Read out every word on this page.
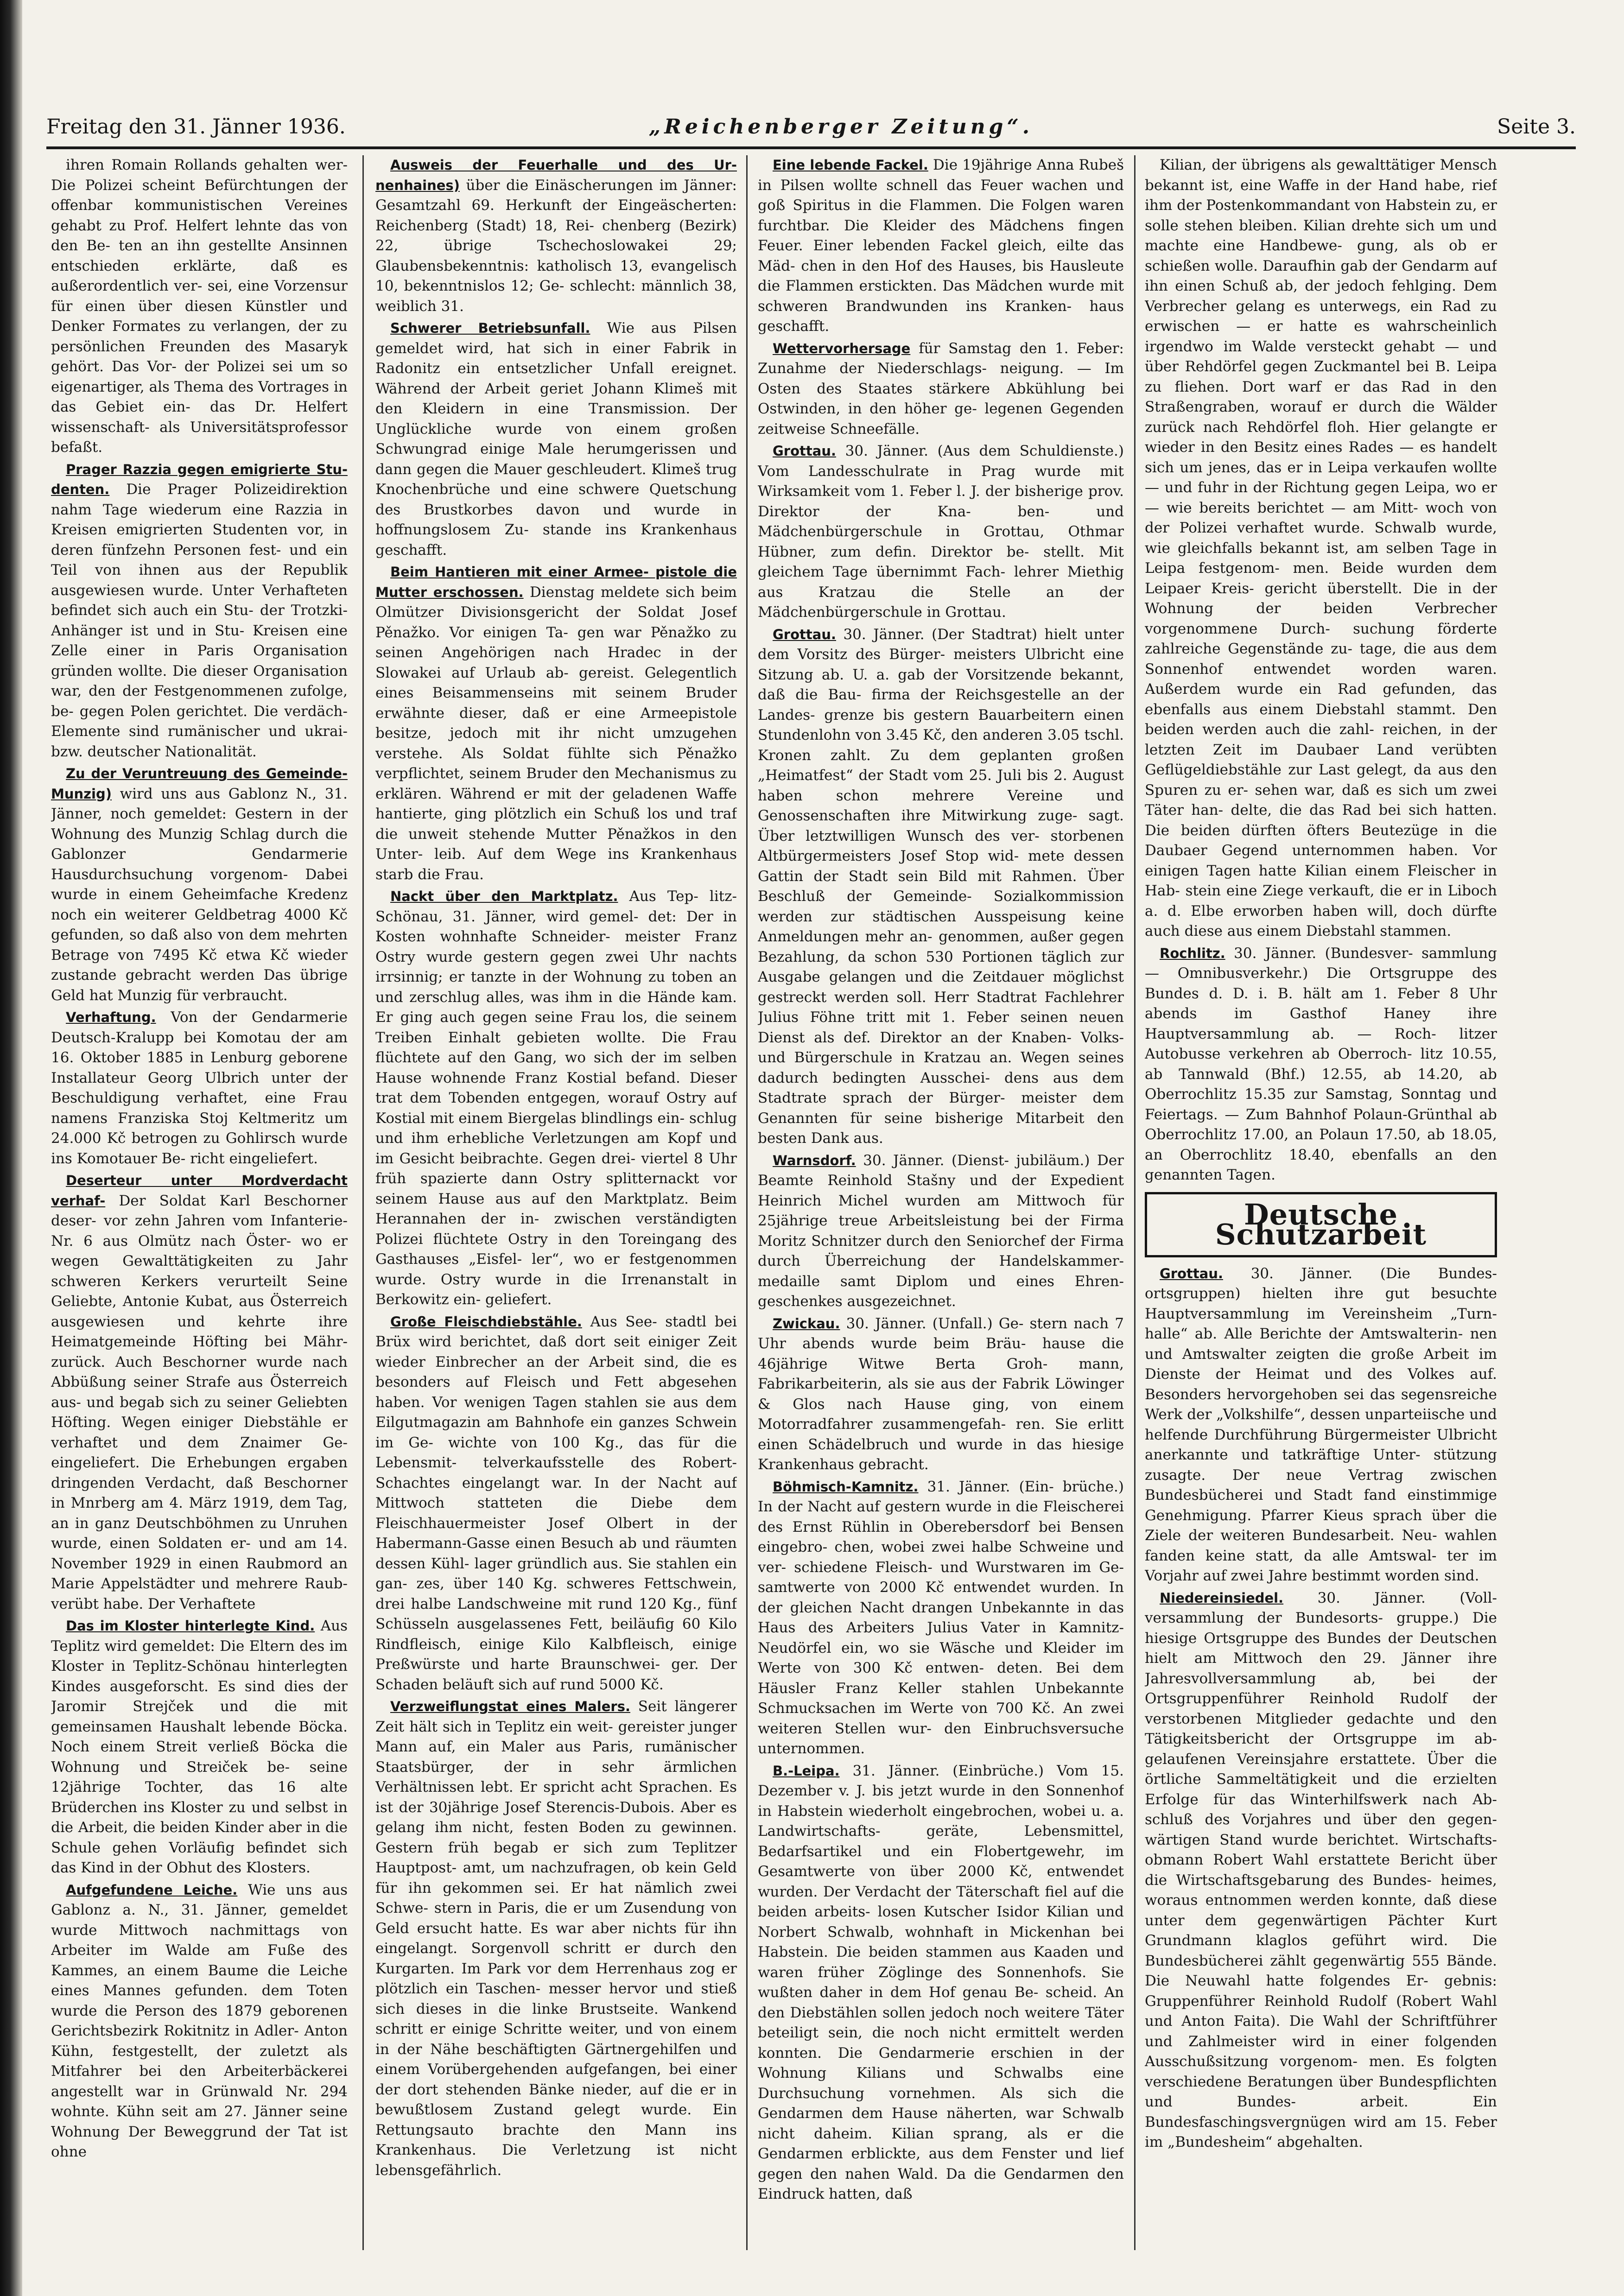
Freitag den 31. Jänner 1936.	„Reichenberger Zeitung“.	Seite 3.

ihren Romain Rollands gehalten wer- Die Polizei scheint Befürchtungen der offenbar kommunistischen Vereines gehabt zu Prof. Helfert lehnte das von den Be- ten an ihn gestellte Ansinnen entschieden erklärte, daß es außerordentlich ver- sei, eine Vorzensur für einen über diesen Künstler und Denker Formates zu verlangen, der zu persönlichen Freunden des Masaryk gehört. Das Vor- der Polizei sei um so eigenartiger, als Thema des Vortrages in das Gebiet ein- das Dr. Helfert wissenschaft- als Universitätsprofessor befaßt.

Prager Razzia gegen emigrierte Stu- denten. Die Prager Polizeidirektion nahm Tage wiederum eine Razzia in Kreisen emigrierten Studenten vor, in deren fünfzehn Personen fest- und ein Teil von ihnen aus der Republik ausgewiesen wurde. Unter Verhafteten befindet sich auch ein Stu- der Trotzki-Anhänger ist und in Stu- Kreisen eine Zelle einer in Paris Organisation gründen wollte. Die dieser Organisation war, den der Festgenommenen zufolge, be- gegen Polen gerichtet. Die verdäch- Elemente sind rumänischer und ukrai- bzw. deutscher Nationalität.

Zu der Veruntreuung des Gemeinde- Munzig) wird uns aus Gablonz N., 31. Jänner, noch gemeldet: Gestern in der Wohnung des Munzig Schlag durch die Gablonzer Gendarmerie Hausdurchsuchung vorgenom- Dabei wurde in einem Geheimfache Kredenz noch ein weiterer Geldbetrag 4000 Kč gefunden, so daß also von dem mehrten Betrage von 7495 Kč etwa Kč wieder zustande gebracht werden Das übrige Geld hat Munzig für verbraucht.

Verhaftung. Von der Gendarmerie Deutsch-Kralupp bei Komotau der am 16. Oktober 1885 in Lenburg geborene Installateur Georg Ulbrich unter der Beschuldigung verhaftet, eine Frau namens Franziska Stoj Keltmeritz um 24.000 Kč betrogen zu Gohlirsch wurde ins Komotauer Be- richt eingeliefert.

Deserteur unter Mordverdacht verhaf- Der Soldat Karl Beschorner deser- vor zehn Jahren vom Infanterie- Nr. 6 aus Olmütz nach Öster- wo er wegen Gewalttätigkeiten zu Jahr schweren Kerkers verurteilt Seine Geliebte, Antonie Kubat, aus Österreich ausgewiesen und kehrte ihre Heimatgemeinde Höfting bei Mähr- zurück. Auch Beschorner wurde nach Abbüßung seiner Strafe aus Österreich aus- und begab sich zu seiner Geliebten Höfting. Wegen einiger Diebstähle er verhaftet und dem Znaimer Ge- eingeliefert. Die Erhebungen ergaben dringenden Verdacht, daß Beschorner in Mnrberg am 4. März 1919, dem Tag, an in ganz Deutschböhmen zu Unruhen wurde, einen Soldaten er- und am 14. November 1929 in einen Raubmord an Marie Appelstädter und mehrere Raub- verübt habe. Der Verhaftete

Das im Kloster hinterlegte Kind. Aus Teplitz wird gemeldet: Die Eltern des im Kloster in Teplitz-Schönau hinterlegten Kindes ausgeforscht. Es sind dies der Jaromir Strejček und die mit gemeinsamen Haushalt lebende Böcka. Noch einem Streit verließ Böcka die Wohnung und Streiček be- seine 12jährige Tochter, das 16 alte Brüderchen ins Kloster zu und selbst in die Arbeit, die beiden Kinder aber in die Schule gehen Vorläufig befindet sich das Kind in der Obhut des Klosters.

Aufgefundene Leiche. Wie uns aus Gablonz a. N., 31. Jänner, gemeldet wurde Mittwoch nachmittags von Arbeiter im Walde am Fuße des Kammes, an einem Baume die Leiche eines Mannes gefunden. dem Toten wurde die Person des 1879 geborenen Gerichtsbezirk Rokitnitz in Adler- Anton Kühn, festgestellt, der zuletzt als Mitfahrer bei den Arbeiterbäckerei angestellt war in Grünwald Nr. 294 wohnte. Kühn seit am 27. Jänner seine Wohnung Der Beweggrund der Tat ist ohne

Ausweis der Feuerhalle und des Ur- nenhaines) über die Einäscherungen im Jänner: Gesamtzahl 69. Herkunft der Eingeäscherten: Reichenberg (Stadt) 18, Rei- chenberg (Bezirk) 22, übrige Tschechoslowakei 29; Glaubensbekenntnis: katholisch 13, evangelisch 10, bekenntnislos 12; Ge- schlecht: männlich 38, weiblich 31.

Schwerer Betriebsunfall. Wie aus Pilsen gemeldet wird, hat sich in einer Fabrik in Radonitz ein entsetzlicher Unfall ereignet. Während der Arbeit geriet Johann Klimeš mit den Kleidern in eine Transmission. Der Unglückliche wurde von einem großen Schwungrad einige Male herumgerissen und dann gegen die Mauer geschleudert. Klimeš trug Knochenbrüche und eine schwere Quetschung des Brustkorbes davon und wurde in hoffnungslosem Zu- stande ins Krankenhaus geschafft.

Beim Hantieren mit einer Armee- pistole die Mutter erschossen. Dienstag meldete sich beim Olmützer Divisionsgericht der Soldat Josef Pěnažko. Vor einigen Ta- gen war Pěnažko zu seinen Angehörigen nach Hradec in der Slowakei auf Urlaub ab- gereist. Gelegentlich eines Beisammenseins mit seinem Bruder erwähnte dieser, daß er eine Armeepistole besitze, jedoch mit ihr nicht umzugehen verstehe. Als Soldat fühlte sich Pěnažko verpflichtet, seinem Bruder den Mechanismus zu erklären. Während er mit der geladenen Waffe hantierte, ging plötzlich ein Schuß los und traf die unweit stehende Mutter Pěnažkos in den Unter- leib. Auf dem Wege ins Krankenhaus starb die Frau.

Nackt über den Marktplatz. Aus Tep- litz-Schönau, 31. Jänner, wird gemel- det: Der in Kosten wohnhafte Schneider- meister Franz Ostry wurde gestern gegen zwei Uhr nachts irrsinnig; er tanzte in der Wohnung zu toben an und zerschlug alles, was ihm in die Hände kam. Er ging auch gegen seine Frau los, die seinem Treiben Einhalt gebieten wollte. Die Frau flüchtete auf den Gang, wo sich der im selben Hause wohnende Franz Kostial befand. Dieser trat dem Tobenden entgegen, worauf Ostry auf Kostial mit einem Biergelas blindlings ein- schlug und ihm erhebliche Verletzungen am Kopf und im Gesicht beibrachte. Gegen drei- viertel 8 Uhr früh spazierte dann Ostry splitternackt vor seinem Hause aus auf den Marktplatz. Beim Herannahen der in- zwischen verständigten Polizei flüchtete Ostry in den Toreingang des Gasthauses „Eisfel- ler“, wo er festgenommen wurde. Ostry wurde in die Irrenanstalt in Berkowitz ein- geliefert.

Große Fleischdiebstähle. Aus See- stadtl bei Brüx wird berichtet, daß dort seit einiger Zeit wieder Einbrecher an der Arbeit sind, die es besonders auf Fleisch und Fett abgesehen haben. Vor wenigen Tagen stahlen sie aus dem Eilgutmagazin am Bahnhofe ein ganzes Schwein im Ge- wichte von 100 Kg., das für die Lebensmit- telverkaufsstelle des Robert-Schachtes eingelangt war. In der Nacht auf Mittwoch statteten die Diebe dem Fleischhauermeister Josef Olbert in der Habermann-Gasse einen Besuch ab und räumten dessen Kühl- lager gründlich aus. Sie stahlen ein gan- zes, über 140 Kg. schweres Fettschwein, drei halbe Landschweine mit rund 120 Kg., fünf Schüsseln ausgelassenes Fett, beiläufig 60 Kilo Rindfleisch, einige Kilo Kalbfleisch, einige Preßwürste und harte Braunschwei- ger. Der Schaden beläuft sich auf rund 5000 Kč.

Verzweiflungstat eines Malers. Seit längerer Zeit hält sich in Teplitz ein weit- gereister junger Mann auf, ein Maler aus Paris, rumänischer Staatsbürger, der in sehr ärmlichen Verhältnissen lebt. Er spricht acht Sprachen. Es ist der 30jährige Josef Sterencis-Dubois. Aber es gelang ihm nicht, festen Boden zu gewinnen. Gestern früh begab er sich zum Teplitzer Hauptpost- amt, um nachzufragen, ob kein Geld für ihn gekommen sei. Er hat nämlich zwei Schwe- stern in Paris, die er um Zusendung von Geld ersucht hatte. Es war aber nichts für ihn eingelangt. Sorgenvoll schritt er durch den Kurgarten. Im Park vor dem Herrenhaus zog er plötzlich ein Taschen- messer hervor und stieß sich dieses in die linke Brustseite. Wankend schritt er einige Schritte weiter, und von einem in der Nähe beschäftigten Gärtnergehilfen und einem Vorübergehenden aufgefangen, bei einer der dort stehenden Bänke nieder, auf die er in bewußtlosem Zustand gelegt wurde. Ein Rettungsauto brachte den Mann ins Krankenhaus. Die Verletzung ist nicht lebensgefährlich.

Eine lebende Fackel. Die 19jährige Anna Rubeš in Pilsen wollte schnell das Feuer wachen und goß Spiritus in die Flammen. Die Folgen waren furchtbar. Die Kleider des Mädchens fingen Feuer. Einer lebenden Fackel gleich, eilte das Mäd- chen in den Hof des Hauses, bis Hausleute die Flammen erstickten. Das Mädchen wurde mit schweren Brandwunden ins Kranken- haus geschafft.

Wettervorhersage für Samstag den 1. Feber: Zunahme der Niederschlags- neigung. — Im Osten des Staates stärkere Abkühlung bei Ostwinden, in den höher ge- legenen Gegenden zeitweise Schneefälle.

Grottau. 30. Jänner. (Aus dem Schuldienste.) Vom Landesschulrate in Prag wurde mit Wirksamkeit vom 1. Feber l. J. der bisherige prov. Direktor der Kna- ben- und Mädchenbürgerschule in Grottau, Othmar Hübner, zum defin. Direktor be- stellt. Mit gleichem Tage übernimmt Fach- lehrer Miethig aus Kratzau die Stelle an der Mädchenbürgerschule in Grottau.

Grottau. 30. Jänner. (Der Stadtrat) hielt unter dem Vorsitz des Bürger- meisters Ulbricht eine Sitzung ab. U. a. gab der Vorsitzende bekannt, daß die Bau- firma der Reichsgestelle an der Landes- grenze bis gestern Bauarbeitern einen Stundenlohn von 3.45 Kč, den anderen 3.05 tschl. Kronen zahlt. Zu dem geplanten großen „Heimatfest“ der Stadt vom 25. Juli bis 2. August haben schon mehrere Vereine und Genossenschaften ihre Mitwirkung zuge- sagt. Über letztwilligen Wunsch des ver- storbenen Altbürgermeisters Josef Stop wid- mete dessen Gattin der Stadt sein Bild mit Rahmen. Über Beschluß der Gemeinde- Sozialkommission werden zur städtischen Ausspeisung keine Anmeldungen mehr an- genommen, außer gegen Bezahlung, da schon 530 Portionen täglich zur Ausgabe gelangen und die Zeitdauer möglichst gestreckt werden soll. Herr Stadtrat Fachlehrer Julius Föhne tritt mit 1. Feber seinen neuen Dienst als def. Direktor an der Knaben- Volks- und Bürgerschule in Kratzau an. Wegen seines dadurch bedingten Ausschei- dens aus dem Stadtrate sprach der Bürger- meister dem Genannten für seine bisherige Mitarbeit den besten Dank aus.

Warnsdorf. 30. Jänner. (Dienst- jubiläum.) Der Beamte Reinhold Stašny und der Expedient Heinrich Michel wurden am Mittwoch für 25jährige treue Arbeitsleistung bei der Firma Moritz Schnitzer durch den Seniorchef der Firma durch Überreichung der Handelskammer- medaille samt Diplom und eines Ehren- geschenkes ausgezeichnet.

Zwickau. 30. Jänner. (Unfall.) Ge- stern nach 7 Uhr abends wurde beim Bräu- hause die 46jährige Witwe Berta Groh- mann, Fabrikarbeiterin, als sie aus der Fabrik Löwinger & Glos nach Hause ging, von einem Motorradfahrer zusammengefah- ren. Sie erlitt einen Schädelbruch und wurde in das hiesige Krankenhaus gebracht.

Böhmisch-Kamnitz. 31. Jänner. (Ein- brüche.) In der Nacht auf gestern wurde in die Fleischerei des Ernst Rühlin in Oberebersdorf bei Bensen eingebro- chen, wobei zwei halbe Schweine und ver- schiedene Fleisch- und Wurstwaren im Ge- samtwerte von 2000 Kč entwendet wurden. In der gleichen Nacht drangen Unbekannte in das Haus des Arbeiters Julius Vater in Kamnitz-Neudörfel ein, wo sie Wäsche und Kleider im Werte von 300 Kč entwen- deten. Bei dem Häusler Franz Keller stahlen Unbekannte Schmucksachen im Werte von 700 Kč. An zwei weiteren Stellen wur- den Einbruchsversuche unternommen.

B.-Leipa. 31. Jänner. (Einbrüche.) Vom 15. Dezember v. J. bis jetzt wurde in den Sonnenhof in Habstein wiederholt eingebrochen, wobei u. a. Landwirtschafts- geräte, Lebensmittel, Bedarfsartikel und ein Flobertgewehr, im Gesamtwerte von über 2000 Kč, entwendet wurden. Der Verdacht der Täterschaft fiel auf die beiden arbeits- losen Kutscher Isidor Kilian und Norbert Schwalb, wohnhaft in Mickenhan bei Habstein. Die beiden stammen aus Kaaden und waren früher Zöglinge des Sonnenhofs. Sie wußten daher in dem Hof genau Be- scheid. An den Diebstählen sollen jedoch noch weitere Täter beteiligt sein, die noch nicht ermittelt werden konnten. Die Gendarmerie erschien in der Wohnung Kilians und Schwalbs eine Durchsuchung vornehmen. Als sich die Gendarmen dem Hause näherten, war Schwalb nicht daheim. Kilian sprang, als er die Gendarmen erblickte, aus dem Fenster und lief gegen den nahen Wald. Da die Gendarmen den Eindruck hatten, daß

Kilian, der übrigens als gewalttätiger Mensch bekannt ist, eine Waffe in der Hand habe, rief ihm der Postenkommandant von Habstein zu, er solle stehen bleiben. Kilian drehte sich um und machte eine Handbewe- gung, als ob er schießen wolle. Daraufhin gab der Gendarm auf ihn einen Schuß ab, der jedoch fehlging. Dem Verbrecher gelang es unterwegs, ein Rad zu erwischen — er hatte es wahrscheinlich irgendwo im Walde versteckt gehabt — und über Rehdörfel gegen Zuckmantel bei B. Leipa zu fliehen. Dort warf er das Rad in den Straßengraben, worauf er durch die Wälder zurück nach Rehdörfel floh. Hier gelangte er wieder in den Besitz eines Rades — es handelt sich um jenes, das er in Leipa verkaufen wollte — und fuhr in der Richtung gegen Leipa, wo er — wie bereits berichtet — am Mitt- woch von der Polizei verhaftet wurde. Schwalb wurde, wie gleichfalls bekannt ist, am selben Tage in Leipa festgenom- men. Beide wurden dem Leipaer Kreis- gericht überstellt. Die in der Wohnung der beiden Verbrecher vorgenommene Durch- suchung förderte zahlreiche Gegenstände zu- tage, die aus dem Sonnenhof entwendet worden waren. Außerdem wurde ein Rad gefunden, das ebenfalls aus einem Diebstahl stammt. Den beiden werden auch die zahl- reichen, in der letzten Zeit im Daubaer Land verübten Geflügeldiebstähle zur Last gelegt, da aus den Spuren zu er- sehen war, daß es sich um zwei Täter han- delte, die das Rad bei sich hatten. Die beiden dürften öfters Beutezüge in die Daubaer Gegend unternommen haben. Vor einigen Tagen hatte Kilian einem Fleischer in Hab- stein eine Ziege verkauft, die er in Liboch a. d. Elbe erworben haben will, doch dürfte auch diese aus einem Diebstahl stammen.

Rochlitz. 30. Jänner. (Bundesver- sammlung — Omnibusverkehr.) Die Ortsgruppe des Bundes d. D. i. B. hält am 1. Feber 8 Uhr abends im Gasthof Haney ihre Hauptversammlung ab. — Roch- litzer Autobusse verkehren ab Oberroch- litz 10.55, ab Tannwald (Bhf.) 12.55, ab 14.20, ab Oberrochlitz 15.35 zur Samstag, Sonntag und Feiertags. — Zum Bahnhof Polaun-Grünthal ab Oberrochlitz 17.00, an Polaun 17.50, ab 18.05, an Oberrochlitz 18.40, ebenfalls an den genannten Tagen.

Deutsche Schutzarbeit

Grottau. 30. Jänner. (Die Bundes- ortsgruppen) hielten ihre gut besuchte Hauptversammlung im Vereinsheim „Turn- halle“ ab. Alle Berichte der Amtswalterin- nen und Amtswalter zeigten die große Arbeit im Dienste der Heimat und des Volkes auf. Besonders hervorgehoben sei das segensreiche Werk der „Volkshilfe“, dessen unparteiische und helfende Durchführung Bürgermeister Ulbricht anerkannte und tatkräftige Unter- stützung zusagte. Der neue Vertrag zwischen Bundesbücherei und Stadt fand einstimmige Genehmigung. Pfarrer Kieus sprach über die Ziele der weiteren Bundesarbeit. Neu- wahlen fanden keine statt, da alle Amtswal- ter im Vorjahr auf zwei Jahre bestimmt worden sind.

Niedereinsiedel. 30. Jänner. (Voll- versammlung der Bundesorts- gruppe.) Die hiesige Ortsgruppe des Bundes der Deutschen hielt am Mittwoch den 29. Jänner ihre Jahresvollversammlung ab, bei der Ortsgruppenführer Reinhold Rudolf der verstorbenen Mitglieder gedachte und den Tätigkeitsbericht der Ortsgruppe im ab- gelaufenen Vereinsjahre erstattete. Über die örtliche Sammeltätigkeit und die erzielten Erfolge für das Winterhilfswerk nach Ab- schluß des Vorjahres und über den gegen- wärtigen Stand wurde berichtet. Wirtschafts- obmann Robert Wahl erstattete Bericht über die Wirtschaftsgebarung des Bundes- heimes, woraus entnommen werden konnte, daß diese unter dem gegenwärtigen Pächter Kurt Grundmann klaglos geführt wird. Die Bundesbücherei zählt gegenwärtig 555 Bände. Die Neuwahl hatte folgendes Er- gebnis: Gruppenführer Reinhold Rudolf (Robert Wahl und Anton Faita). Die Wahl der Schriftführer und Zahlmeister wird in einer folgenden Ausschußsitzung vorgenom- men. Es folgten verschiedene Beratungen über Bundespflichten und Bundes- arbeit. Ein Bundesfaschingsvergnügen wird am 15. Feber im „Bundesheim“ abgehalten.
